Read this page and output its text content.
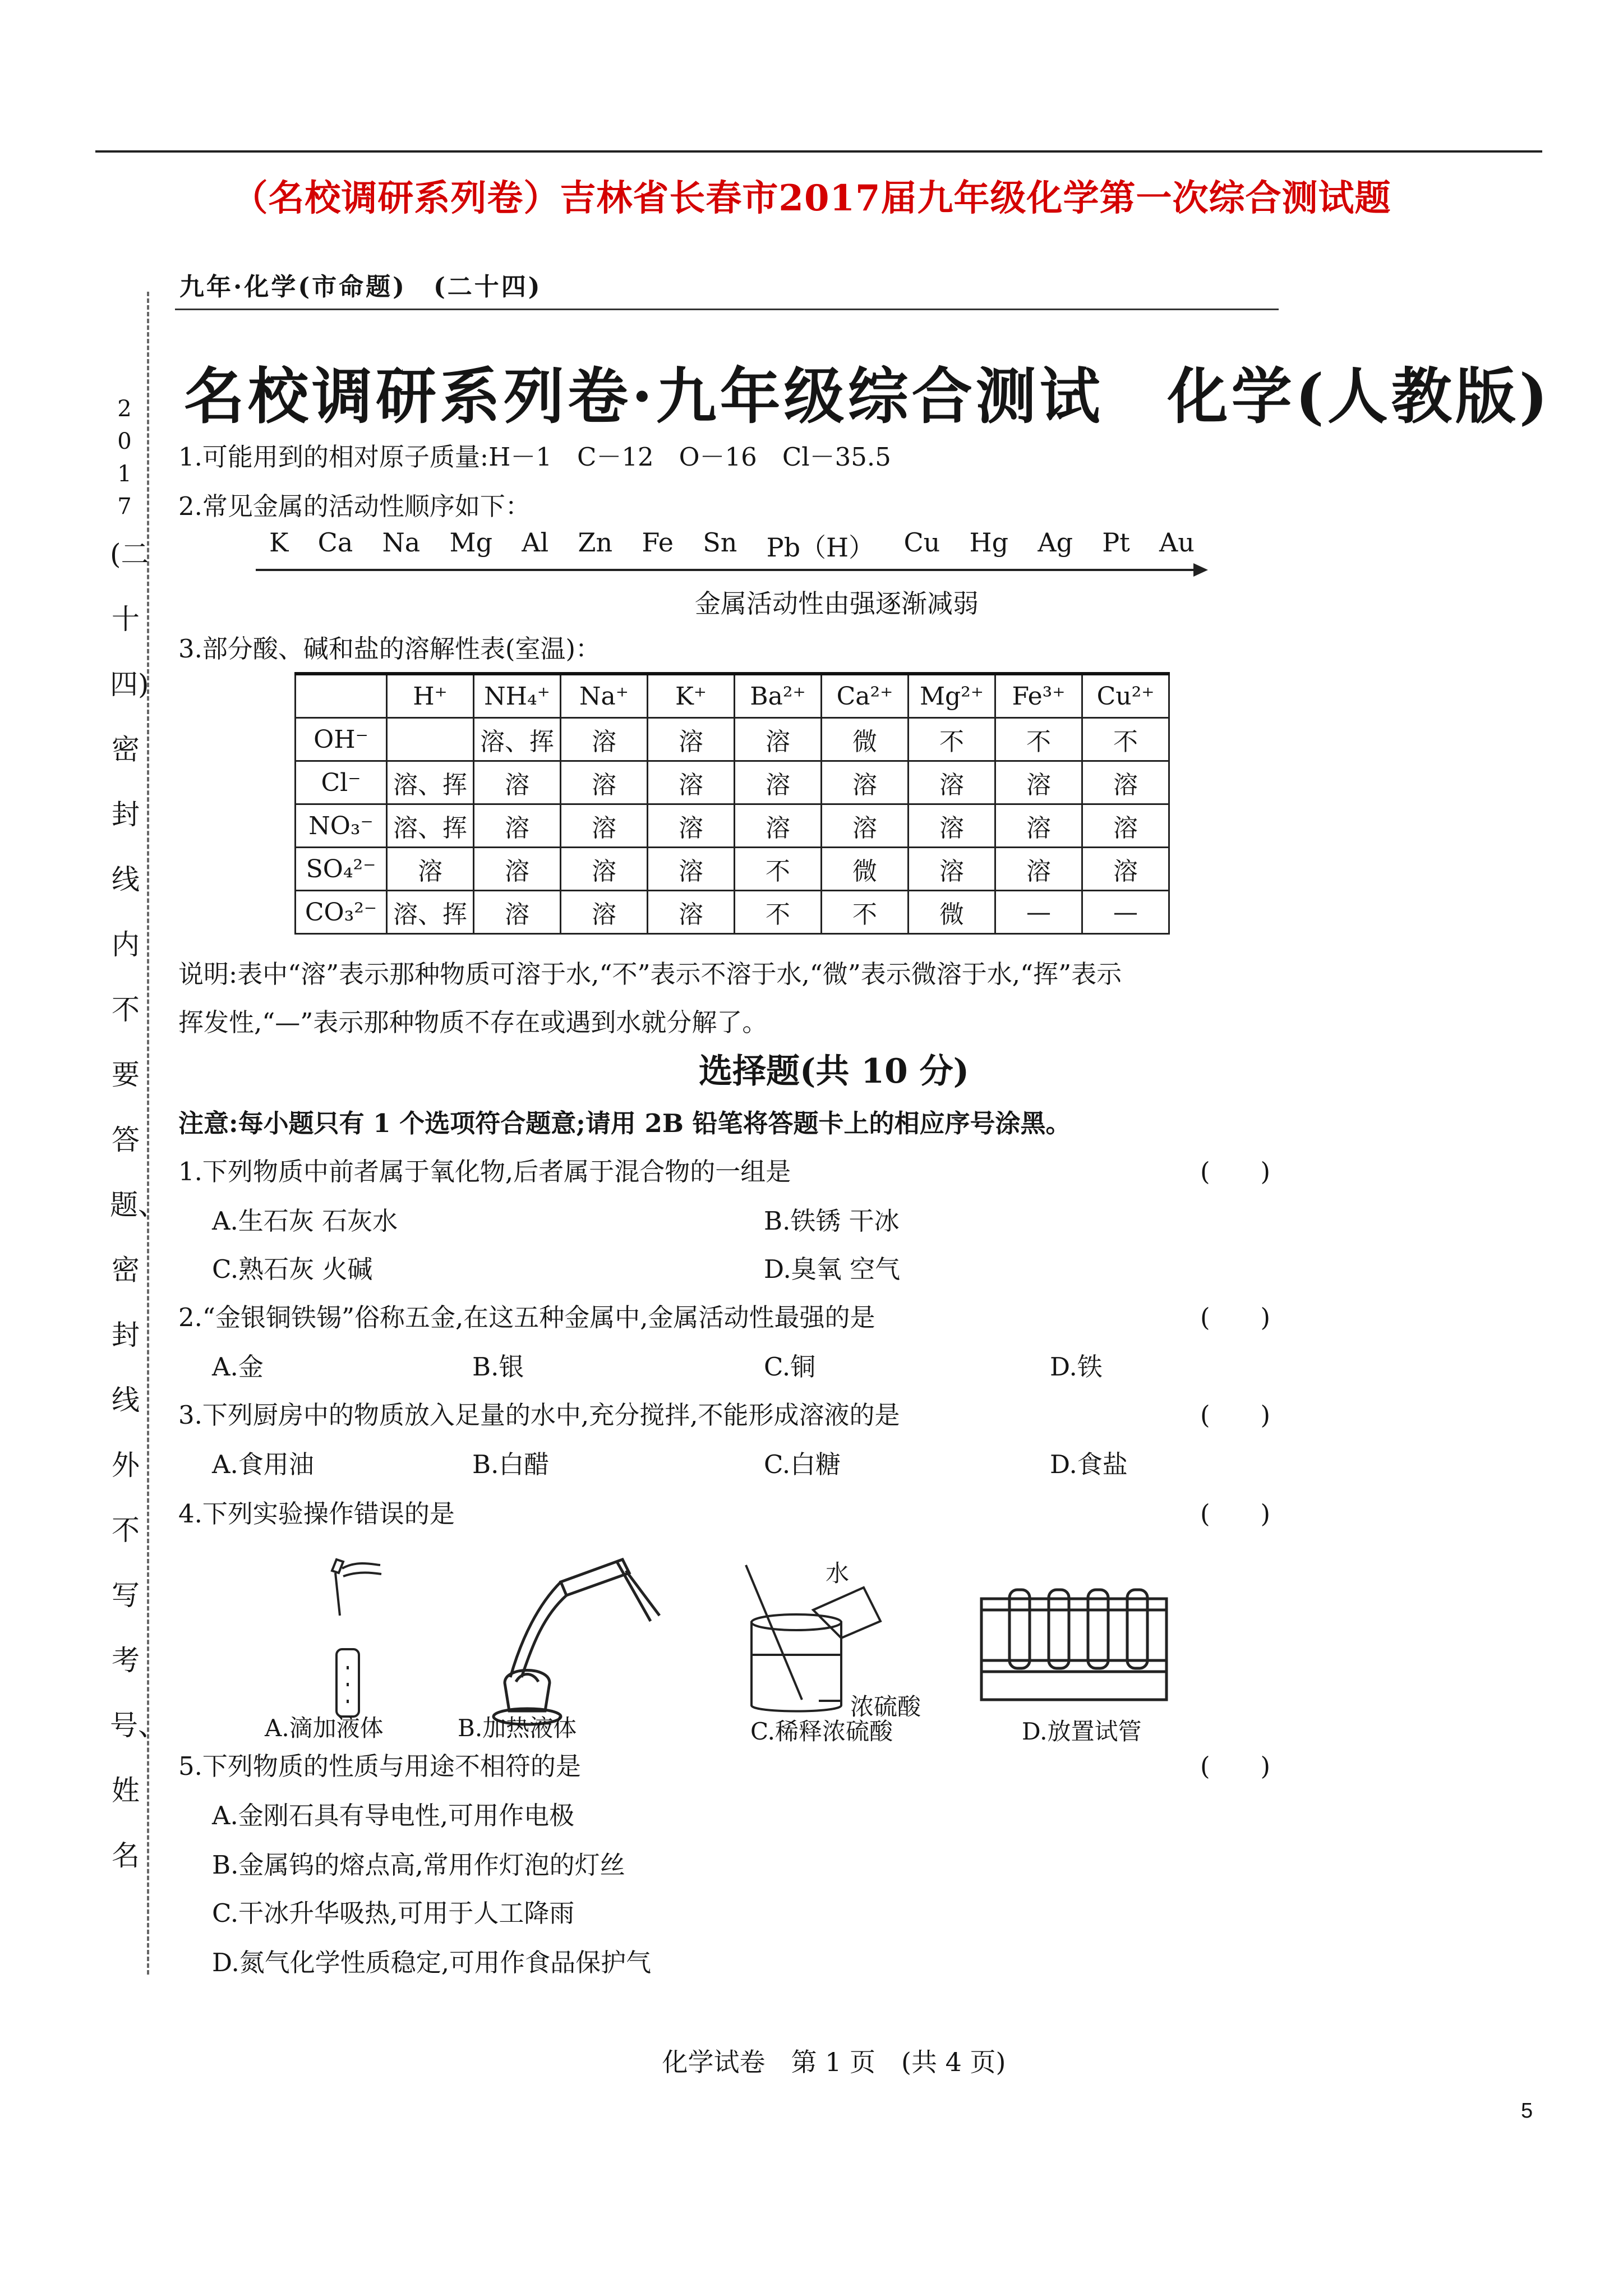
（名校调研系列卷）吉林省长春市2017届九年级化学第一次综合测试题
九年·化学(市命题)　(二十四)
2
0
1
7
(二十四)密封线内不要答题、密封线外不写考号、姓名
名校调研系列卷·九年级综合测试　化学(人教版)
1.可能用到的相对原子质量:H－1　C－12　O－16　Cl－35.5
2.常见金属的活动性顺序如下：
K Ca Na Mg Al Zn Fe Sn Pb（H） Cu Hg Ag Pt Au
金属活动性由强逐渐减弱
3.部分酸、碱和盐的溶解性表(室温)：
	H⁺	NH₄⁺	Na⁺	K⁺	Ba²⁺	Ca²⁺	Mg²⁺	Fe³⁺	Cu²⁺
OH⁻		溶、挥	溶	溶	溶	微	不	不	不
Cl⁻	溶、挥	溶	溶	溶	溶	溶	溶	溶	溶
NO₃⁻	溶、挥	溶	溶	溶	溶	溶	溶	溶	溶
SO₄²⁻	溶	溶	溶	溶	不	微	溶	溶	溶
CO₃²⁻	溶、挥	溶	溶	溶	不	不	微	—	—
说明:表中“溶”表示那种物质可溶于水,“不”表示不溶于水,“微”表示微溶于水,“挥”表示
挥发性,“—”表示那种物质不存在或遇到水就分解了。
选择题(共 10 分)
注意:每小题只有 1 个选项符合题意;请用 2B 铅笔将答题卡上的相应序号涂黑。
1.下列物质中前者属于氧化物,后者属于混合物的一组是	(　　)
A.生石灰 石灰水	B.铁锈 干冰
C.熟石灰 火碱	D.臭氧 空气
2.“金银铜铁锡”俗称五金,在这五种金属中,金属活动性最强的是	(　　)
A.金	B.银	C.铜	D.铁
3.下列厨房中的物质放入足量的水中,充分搅拌,不能形成溶液的是	(　　)
A.食用油	B.白醋	C.白糖	D.食盐
4.下列实验操作错误的是	(　　)
A.滴加液体	B.加热液体
水
浓硫酸
C.稀释浓硫酸	D.放置试管
5.下列物质的性质与用途不相符的是	(　　)
A.金刚石具有导电性,可用作电极
B.金属钨的熔点高,常用作灯泡的灯丝
C.干冰升华吸热,可用于人工降雨
D.氮气化学性质稳定,可用作食品保护气
化学试卷　第 1 页　(共 4 页)
5
